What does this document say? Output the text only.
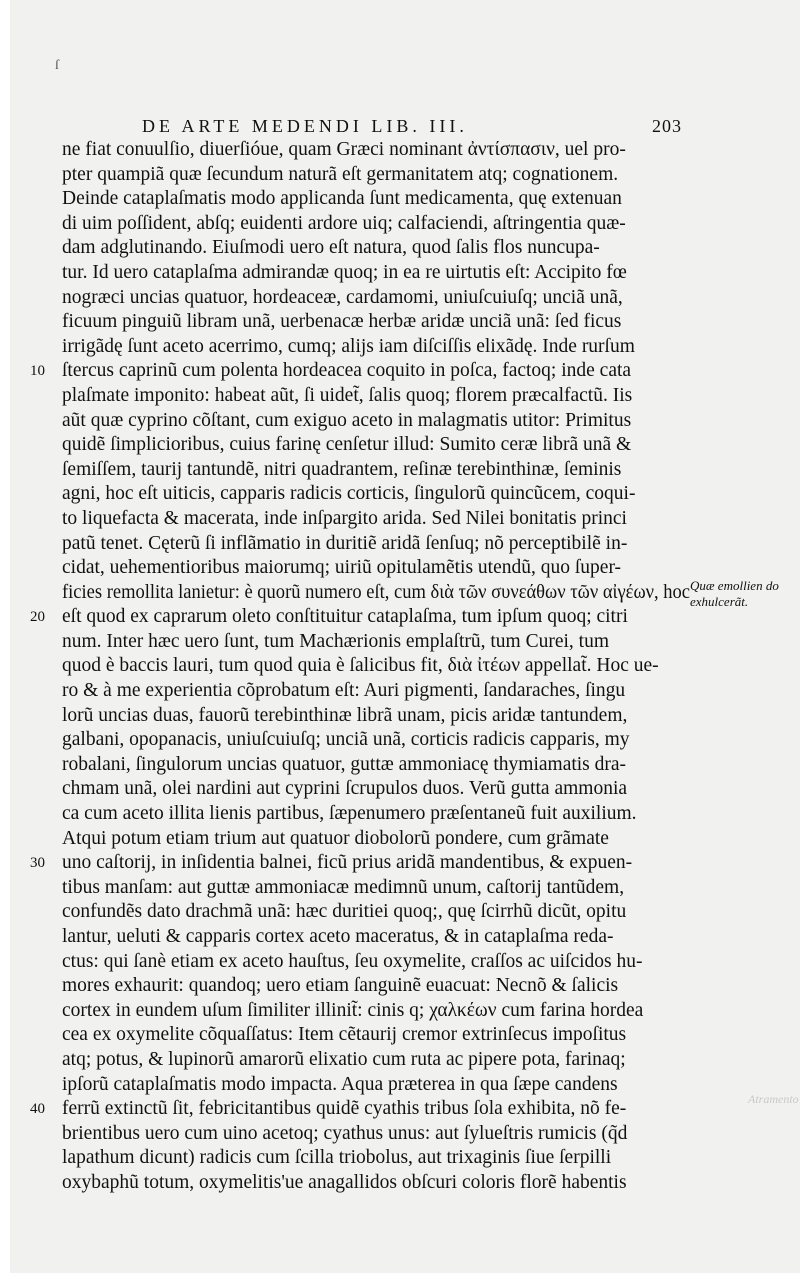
ſ
DE ARTE MEDENDI LIB. III.	203
ne fiat conuulſio, diuerſióue, quam Græci nominant ἀντίσπασιν, uel pro-
pter quampiã quæ ſecundum naturã eſt germanitatem atq; cognationem.
Deinde cataplaſmatis modo applicanda ſunt medicamenta, quę extenuan
di uim poſſident, abſq; euidenti ardore uiq; calfaciendi, aſtringentia quæ-
dam adglutinando. Eiuſmodi uero eſt natura, quod ſalis flos nuncupa-
tur. Id uero cataplaſma admirandæ quoq; in ea re uirtutis eſt: Accipito fœ
nogræci uncias quatuor, hordeaceæ, cardamomi, uniuſcuiuſq; unciã unã,
ficuum pinguiũ libram unã, uerbenacæ herbæ aridæ unciã unã: ſed ficus
irrigãdę ſunt aceto acerrimo, cumq; alijs iam diſciſſis elixãdę. Inde rurſum
ſtercus caprinũ cum polenta hordeacea coquito in poſca, factoq; inde cata
plaſmate imponito: habeat aũt, ſi uidet̃, ſalis quoq; florem præcalfactũ. Iis
aũt quæ cyprino cõſtant, cum exiguo aceto in malagmatis utitor: Primitus
quidẽ ſimplicioribus, cuius farinę cenſetur illud: Sumito ceræ librã unã &
ſemiſſem, taurĳ tantundẽ, nitri quadrantem, reſinæ terebinthinæ, ſeminis
agni, hoc eſt uiticis, capparis radicis corticis, ſingulorũ quincũcem, coqui-
to liquefacta & macerata, inde inſpargito arida. Sed Nilei bonitatis princi
patũ tenet. Cęterũ ſi inflãmatio in duritiẽ aridã ſenſuq; nõ perceptibilẽ in-
cidat, uehementioribus maiorumq; uiriũ opitulamẽtis utendũ, quo ſuper-
ficies remollita lanietur: è quorũ numero eſt, cum διὰ τῶν συνεάθων τῶν αἰγέων, hoc
eſt quod ex caprarum oleto conſtituitur cataplaſma, tum ipſum quoq; citri
num. Inter hæc uero ſunt, tum Machærionis emplaſtrũ, tum Curei, tum
quod è baccis lauri, tum quod quia è ſalicibus fit, διὰ ἰτέων appellat̃. Hoc ue-
ro & à me experientia cõprobatum eſt: Auri pigmenti, ſandaraches, ſingu
lorũ uncias duas, fauorũ terebinthinæ librã unam, picis aridæ tantundem,
galbani, opopanacis, uniuſcuiuſq; unciã unã, corticis radicis capparis, my
robalani, ſingulorum uncias quatuor, guttæ ammoniacę thymiamatis dra-
chmam unã, olei nardini aut cyprini ſcrupulos duos. Verũ gutta ammonia
ca cum aceto illita lienis partibus, ſæpenumero præſentaneũ fuit auxilium.
Atqui potum etiam trium aut quatuor diobolorũ pondere, cum grãmate
uno caſtorĳ, in inſidentia balnei, ficũ prius aridã mandentibus, & expuen-
tibus manſam: aut guttæ ammoniacæ medimnũ unum, caſtorĳ tantũdem,
confundẽs dato drachmã unã: hæc duritiei quoq;, quę ſcirrhũ dicũt, opitu
lantur, ueluti & capparis cortex aceto maceratus, & in cataplaſma reda-
ctus: qui ſanè etiam ex aceto hauſtus, ſeu oxymelite, craſſos ac uiſcidos hu-
mores exhaurit: quandoq; uero etiam ſanguinẽ euacuat: Necnõ & ſalicis
cortex in eundem uſum ſimiliter illinit̃: cinis q; χαλκέων cum farina hordea
cea ex oxymelite cõquaſſatus: Item cẽtaurĳ cremor extrinſecus impoſitus
atq; potus, & lupinorũ amarorũ elixatio cum ruta ac pipere pota, farinaq;
ipſorũ cataplaſmatis modo impacta. Aqua præterea in qua ſæpe candens
ferrũ extinctũ ſit, febricitantibus quidẽ cyathis tribus ſola exhibita, nõ fe-
brientibus uero cum uino acetoq; cyathus unus: aut ſylueſtris rumicis (q̃d
lapathum dicunt) radicis cum ſcilla triobolus, aut trixaginis ſiue ſerpilli
oxybaphũ totum, oxymelitis'ue anagallidos obſcuri coloris florẽ habentis
10
20
30
40
Quæ emollien do exhulcerãt.
Atramento
